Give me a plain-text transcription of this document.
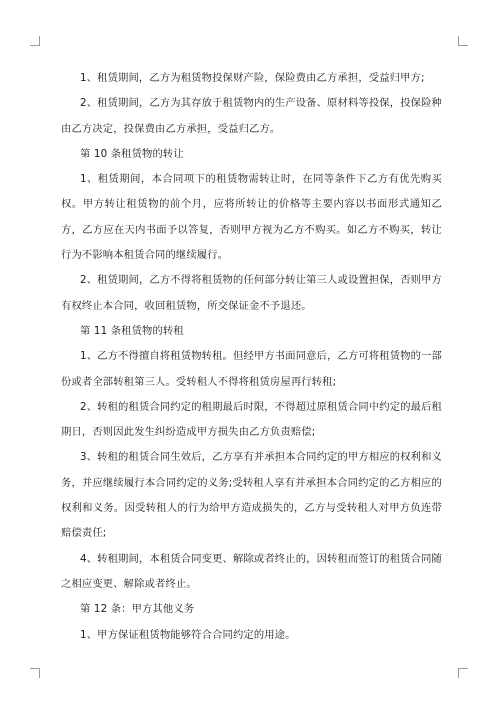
1、租赁期间，乙方为租赁物投保财产险，保险费由乙方承担，受益归甲方;

2、租赁期间，乙方为其存放于租赁物内的生产设备、原材料等投保，投保险种由乙方决定，投保费由乙方承担，受益归乙方。

第 10 条租赁物的转让

1、租赁期间，本合同项下的租赁物需转让时，在同等条件下乙方有优先购买权。甲方转让租赁物的前个月，应将所转让的价格等主要内容以书面形式通知乙方，乙方应在天内书面予以答复，否则甲方视为乙方不购买。如乙方不购买，转让行为不影响本租赁合同的继续履行。

2、租赁期间，乙方不得将租赁物的任何部分转让第三人或设置担保，否则甲方有权终止本合同，收回租赁物，所交保证金不予退还。

第 11 条租赁物的转租

1、乙方不得擅自将租赁物转租。但经甲方书面同意后，乙方可将租赁物的一部份或者全部转租第三人。受转租人不得将租赁房屋再行转租;

2、转租的租赁合同约定的租期最后时限，不得超过原租赁合同中约定的最后租期日，否则因此发生纠纷造成甲方损失由乙方负责赔偿;

3、转租的租赁合同生效后，乙方享有并承担本合同约定的甲方相应的权利和义务，并应继续履行本合同约定的义务;受转租人享有并承担本合同约定的乙方相应的权利和义务。因受转租人的行为给甲方造成损失的，乙方与受转租人对甲方负连带赔偿责任;

4、转租期间，本租赁合同变更、解除或者终止的，因转租而签订的租赁合同随之相应变更、解除或者终止。

第 12 条：甲方其他义务

1、甲方保证租赁物能够符合合同约定的用途。
